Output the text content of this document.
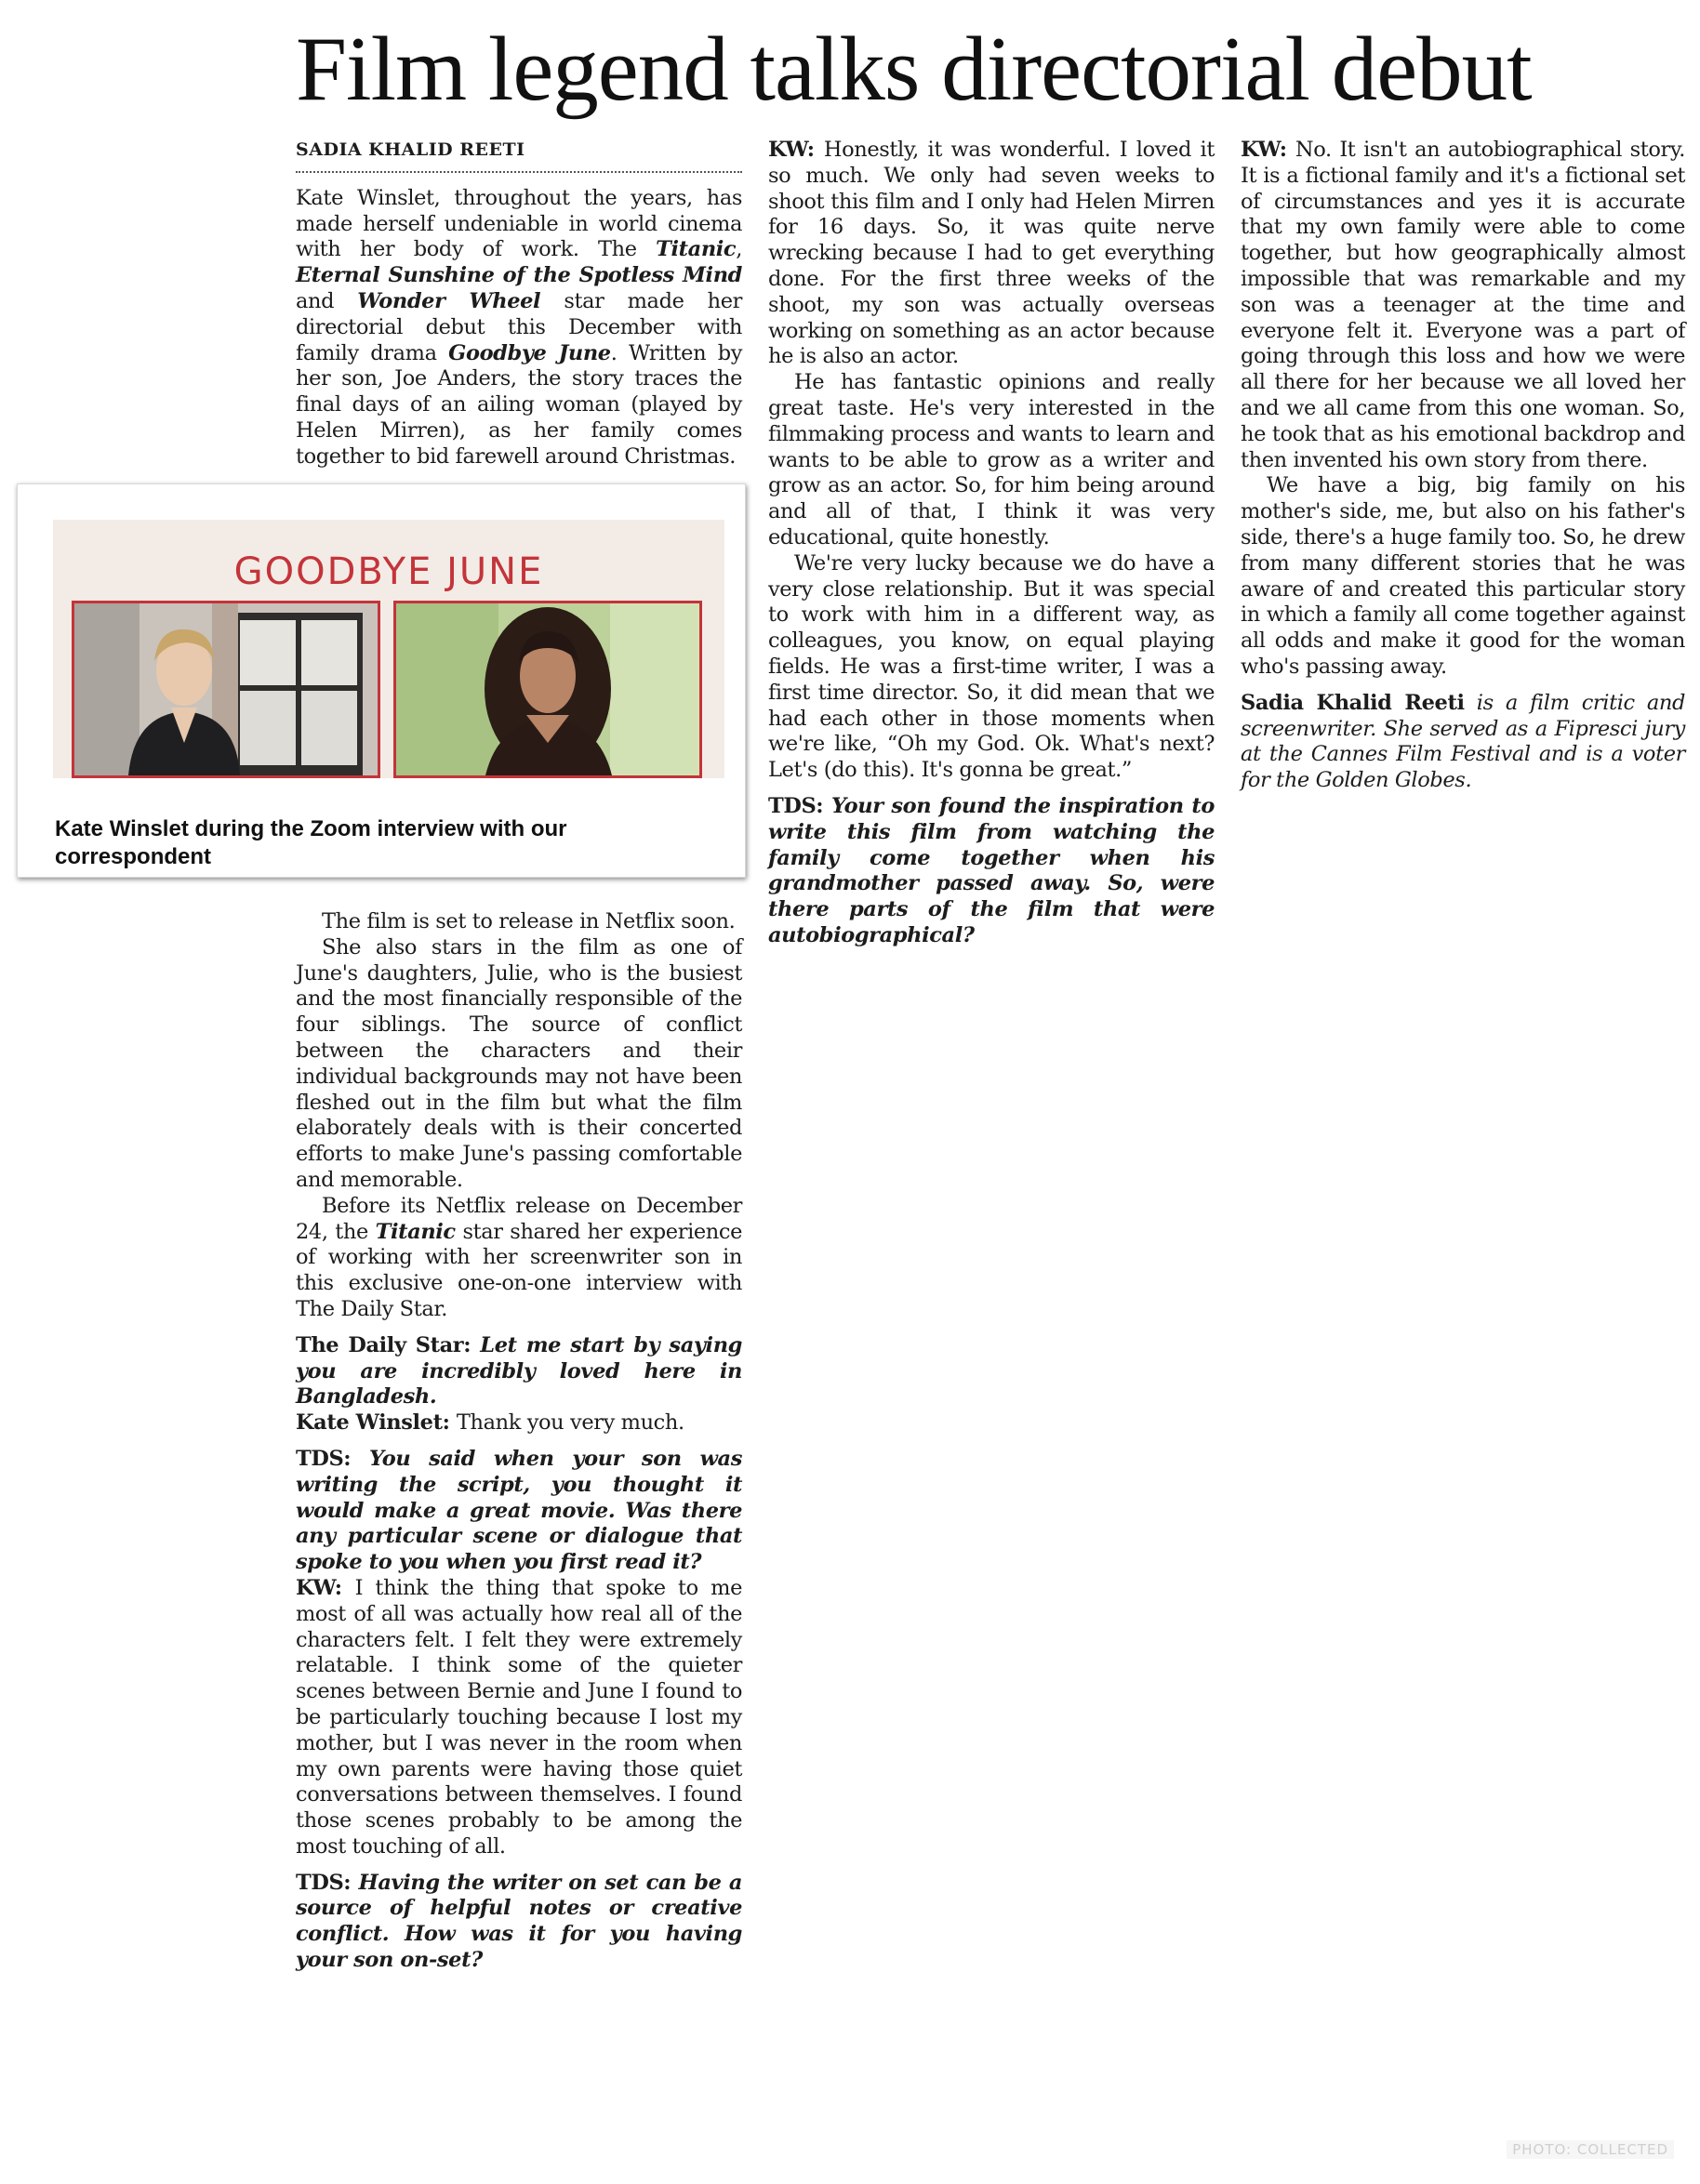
Film legend talks directorial debut
SADIA KHALID REETI

Kate Winslet, throughout the years, has made herself undeniable in world cinema with her body of work. The Titanic, Eternal Sunshine of the Spotless Mind and Wonder Wheel star made her directorial debut this December with family drama Goodbye June. Written by her son, Joe Anders, the story traces the final days of an ailing woman (played by Helen Mirren), as her family comes together to bid farewell around Christmas.

GOODBYE JUNE
Kate Winslet during the Zoom interview with our correspondent

The film is set to release in Netflix soon.

She also stars in the film as one of June's daughters, Julie, who is the busiest and the most financially responsible of the four siblings. The source of conflict between the characters and their individual backgrounds may not have been fleshed out in the film but what the film elaborately deals with is their concerted efforts to make June's passing comfortable and memorable.

Before its Netflix release on December 24, the Titanic star shared her experience of working with her screenwriter son in this exclusive one-on-one interview with The Daily Star.

The Daily Star: Let me start by saying you are incredibly loved here in Bangladesh.

Kate Winslet: Thank you very much.

TDS: You said when your son was writing the script, you thought it would make a great movie. Was there any particular scene or dialogue that spoke to you when you first read it?

KW: I think the thing that spoke to me most of all was actually how real all of the characters felt. I felt they were extremely relatable. I think some of the quieter scenes between Bernie and June I found to be particularly touching because I lost my mother, but I was never in the room when my own parents were having those quiet conversations between themselves. I found those scenes probably to be among the most touching of all.

TDS: Having the writer on set can be a source of helpful notes or creative conflict. How was it for you having your son on-set?

KW: Honestly, it was wonderful. I loved it so much. We only had seven weeks to shoot this film and I only had Helen Mirren for 16 days. So, it was quite nerve wrecking because I had to get everything done. For the first three weeks of the shoot, my son was actually overseas working on something as an actor because he is also an actor.

He has fantastic opinions and really great taste. He's very interested in the filmmaking process and wants to learn and wants to be able to grow as a writer and grow as an actor. So, for him being around and all of that, I think it was very educational, quite honestly.

We're very lucky because we do have a very close relationship. But it was special to work with him in a different way, as colleagues, you know, on equal playing fields. He was a first-time writer, I was a first time director. So, it did mean that we had each other in those moments when we're like, “Oh my God. Ok. What's next? Let's (do this). It's gonna be great.”

TDS: Your son found the inspiration to write this film from watching the family come together when his grandmother passed away. So, were there parts of the film that were autobiographical?

KW: No. It isn't an autobiographical story. It is a fictional family and it's a fictional set of circumstances and yes it is accurate that my own family were able to come together, but how geographically almost impossible that was remarkable and my son was a teenager at the time and everyone felt it. Everyone was a part of going through this loss and how we were all there for her because we all loved her and we all came from this one woman. So, he took that as his emotional backdrop and then invented his own story from there.

We have a big, big family on his mother's side, me, but also on his father's side, there's a huge family too. So, he drew from many different stories that he was aware of and created this particular story in which a family all come together against all odds and make it good for the woman who's passing away.

Sadia Khalid Reeti is a film critic and screenwriter. She served as a Fipresci jury at the Cannes Film Festival and is a voter for the Golden Globes.

PHOTO: COLLECTED
